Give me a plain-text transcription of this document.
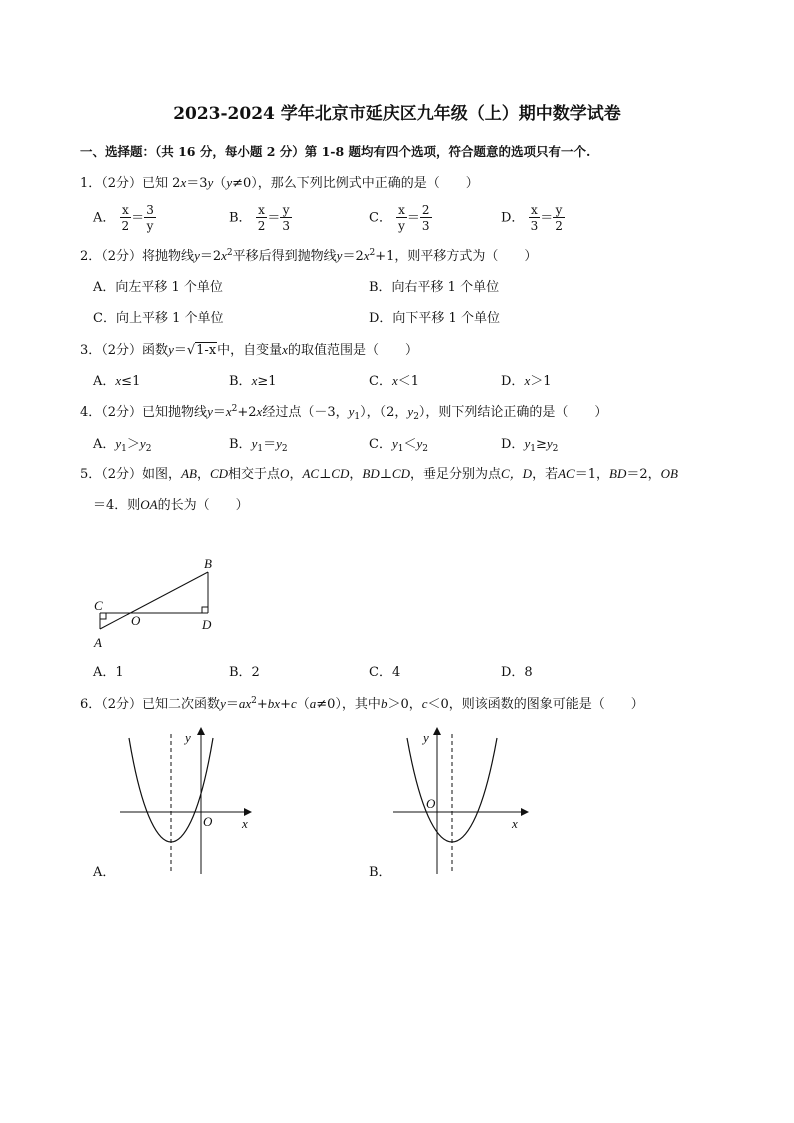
2023-2024 学年北京市延庆区九年级（上）期中数学试卷
一、选择题：（共 16 分，每小题 2 分）第 1-8 题均有四个选项，符合题意的选项只有一个.
1．（2分）已知 2x＝3y（y≠0），那么下列比例式中正确的是（　　）
A． $\frac{x}{2} = \frac{3}{y}$	B． $\frac{x}{2} = \frac{y}{3}$	C． $\frac{x}{y} = \frac{2}{3}$	D． $\frac{x}{3} = \frac{y}{2}$
2．（2分）将抛物线$y=2x^2$平移后得到抛物线$y=2x^2+1$，则平移方式为（　　）
A．向左平移 1 个单位	B．向右平移 1 个单位
C．向上平移 1 个单位	D．向下平移 1 个单位
3．（2分）函数y＝√1-x中，自变量x的取值范围是（　　）
A．x≤1	B．x≥1	C．x＜1	D．x＞1
4．（2分）已知抛物线$y=x^2+2x$经过点（－3，$y_1$），（2，$y_2$），则下列结论正确的是（　　）
A．$y_1>y_2$	B．$y_1=y_2$	C．$y_1<y_2$	D．$y_1\ge y_2$
5．（2分）如图，AB，CD相交于点O，AC⊥CD，BD⊥CD，垂足分别为点C，D，若AC＝1，BD＝2，OB
＝4．则OA的长为（　　）
A
B
C
D
O
A．1	B．2	C．4	D．8
6．（2分）已知二次函数$y=ax^2+bx+c(a\ne 0)$，其中b＞0，c＜0，则该函数的图象可能是（　　）
x
y
O
A．
x
y
O
B．
